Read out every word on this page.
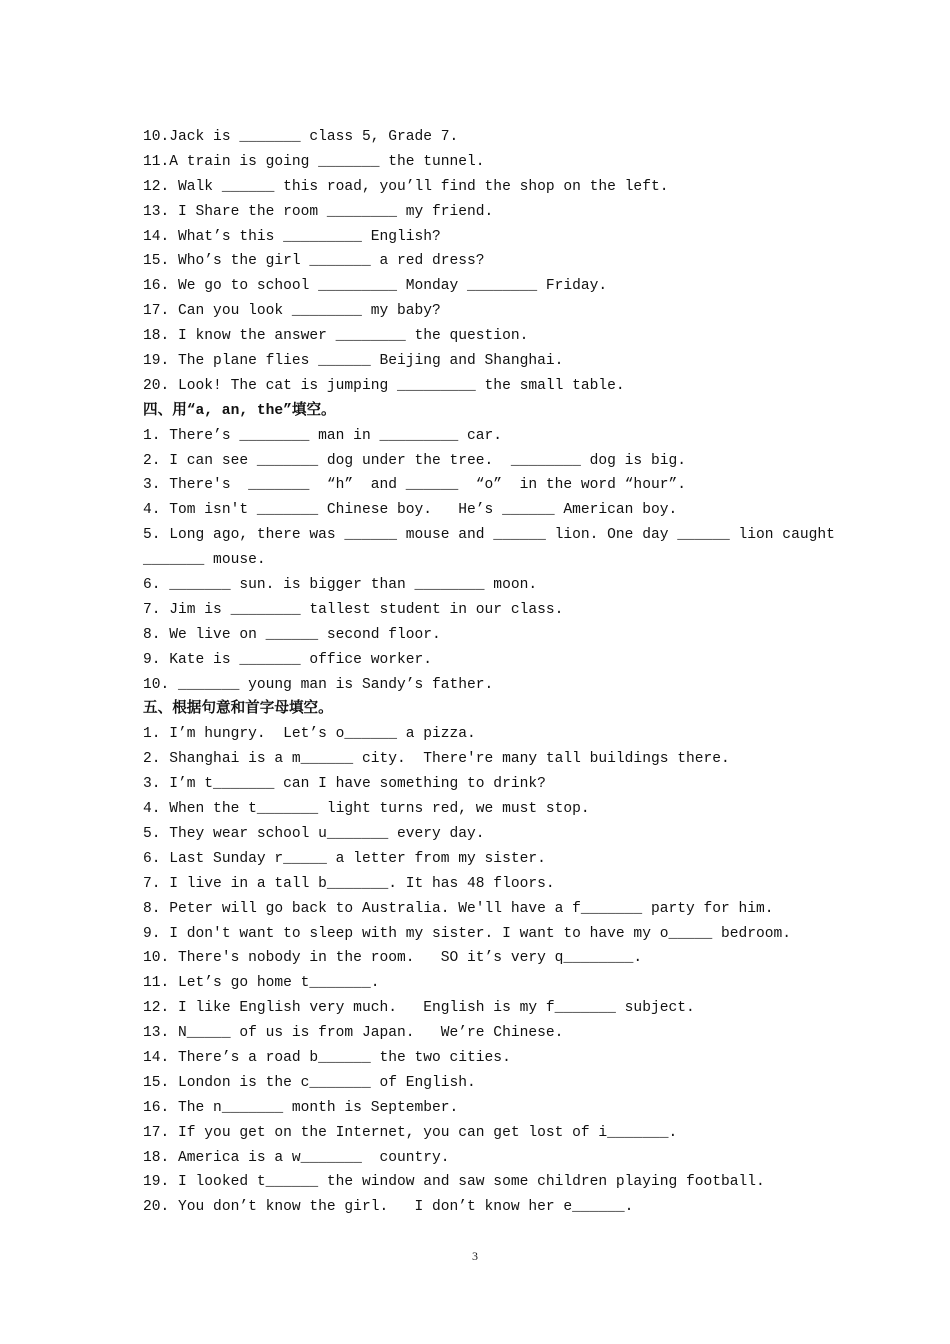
10.Jack is _______ class 5, Grade 7.
11.A train is going _______ the tunnel.
12. Walk ______ this road, you’ll find the shop on the left.
13. I Share the room ________ my friend.
14. What’s this _________ English?
15. Who’s the girl _______ a red dress?
16. We go to school _________ Monday ________ Friday.
17. Can you look ________ my baby?
18. I know the answer ________ the question.
19. The plane flies ______ Beijing and Shanghai.
20. Look! The cat is jumping _________ the small table.
四、用“a, an, the”填空。
1. There’s ________ man in _________ car.
2. I can see _______ dog under the tree.  ________ dog is big.
3. There's  _______  “h”  and ______  “o”  in the word “hour”.
4. Tom isn't _______ Chinese boy.   He’s ______ American boy.
5. Long ago, there was ______ mouse and ______ lion. One day ______ lion caught
_______ mouse.
6. _______ sun. is bigger than ________ moon.
7. Jim is ________ tallest student in our class.
8. We live on ______ second floor.
9. Kate is _______ office worker.
10. _______ young man is Sandy’s father.
五、根据句意和首字母填空。
1. I’m hungry.  Let’s o______ a pizza.
2. Shanghai is a m______ city.  There're many tall buildings there.
3. I’m t_______ can I have something to drink?
4. When the t_______ light turns red, we must stop.
5. They wear school u_______ every day.
6. Last Sunday r_____ a letter from my sister.
7. I live in a tall b_______. It has 48 floors.
8. Peter will go back to Australia. We'll have a f_______ party for him.
9. I don't want to sleep with my sister. I want to have my o_____ bedroom.
10. There's nobody in the room.   SO it’s very q________.
11. Let’s go home t_______.
12. I like English very much.   English is my f_______ subject.
13. N_____ of us is from Japan.   We’re Chinese.
14. There’s a road b______ the two cities.
15. London is the c_______ of English.
16. The n_______ month is September.
17. If you get on the Internet, you can get lost of i_______.
18. America is a w_______  country.
19. I looked t______ the window and saw some children playing football.
20. You don’t know the girl.   I don’t know her e______.
3
